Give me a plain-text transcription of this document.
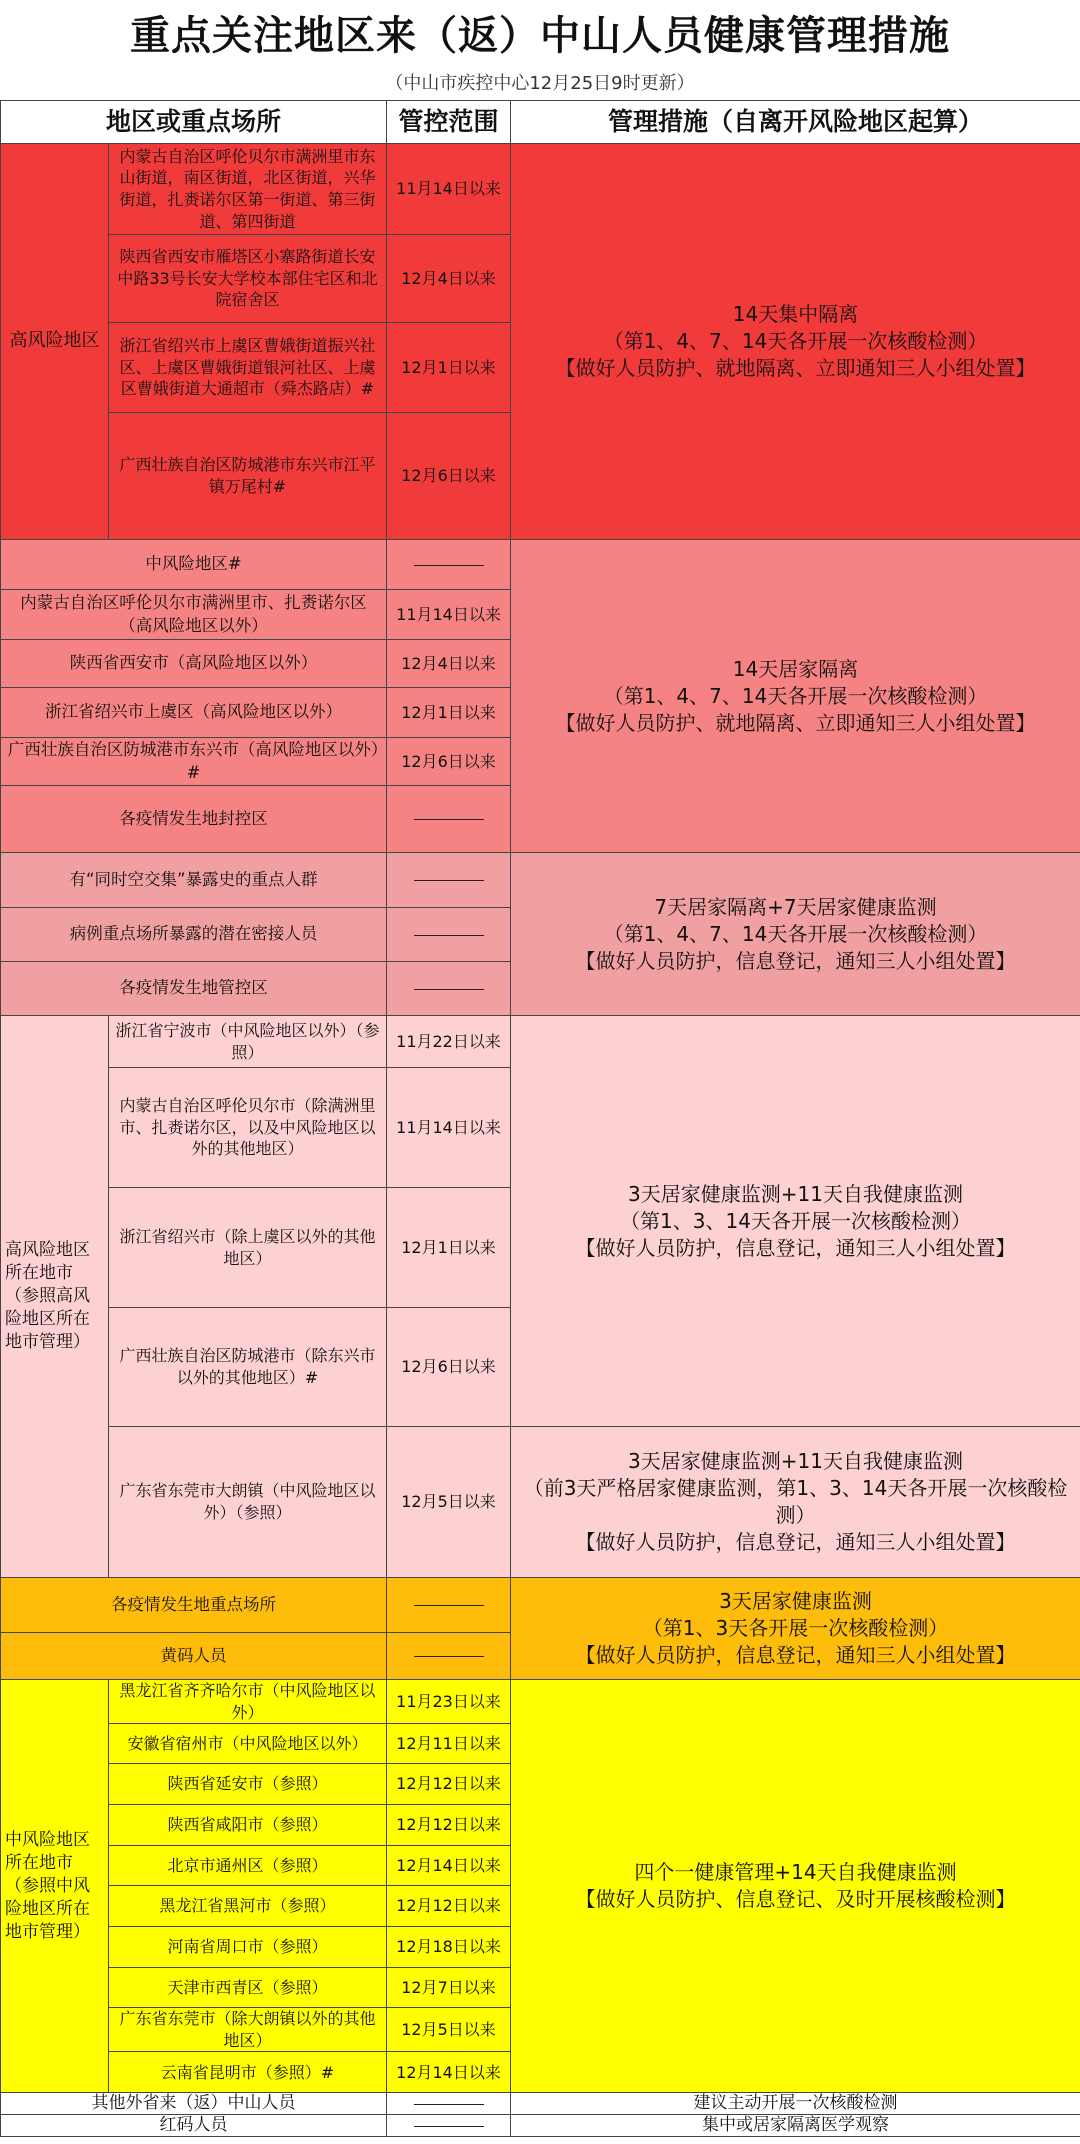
重点关注地区来（返）中山人员健康管理措施
（中山市疾控中心12月25日9时更新）
地区或重点场所		管控范围	管理措施（自离开风险地区起算）
高风险地区	内蒙古自治区呼伦贝尔市满洲里市东山街道，南区街道，北区街道，兴华街道，扎赉诺尔区第一街道、第三街道、第四街道	11月14日以来	14天集中隔离
（第1、4、7、14天各开展一次核酸检测）
【做好人员防护、就地隔离、立即通知三人小组处置】

	陕西省西安市雁塔区小寨路街道长安中路33号长安大学校本部住宅区和北院宿舍区	12月4日以来	
	浙江省绍兴市上虞区曹娥街道振兴社区、上虞区曹娥街道银河社区、上虞区曹娥街道大通超市（舜杰路店）#	12月1日以来	
	广西壮族自治区防城港市东兴市江平镇万尾村#	12月6日以来	
中风险地区#			14天居家隔离
（第1、4、7、14天各开展一次核酸检测）
【做好人员防护、就地隔离、立即通知三人小组处置】

内蒙古自治区呼伦贝尔市满洲里市、扎赉诺尔区（高风险地区以外）		11月14日以来	
陕西省西安市（高风险地区以外）		12月4日以来	
浙江省绍兴市上虞区（高风险地区以外）		12月1日以来	
广西壮族自治区防城港市东兴市（高风险地区以外）#		12月6日以来	
各疫情发生地封控区			
有“同时空交集”暴露史的重点人群			7天居家隔离+7天居家健康监测
（第1、4、7、14天各开展一次核酸检测）
【做好人员防护，信息登记，通知三人小组处置】

病例重点场所暴露的潜在密接人员			
各疫情发生地管控区			
高风险地区所在地市（参照高风险地区所在地市管理）	浙江省宁波市（中风险地区以外）（参照）	11月22日以来	3天居家健康监测+11天自我健康监测
（第1、3、14天各开展一次核酸检测）
【做好人员防护，信息登记，通知三人小组处置】

	内蒙古自治区呼伦贝尔市（除满洲里市、扎赉诺尔区，以及中风险地区以外的其他地区）	11月14日以来	
	浙江省绍兴市（除上虞区以外的其他地区）	12月1日以来	
	广西壮族自治区防城港市（除东兴市以外的其他地区）#	12月6日以来	
	广东省东莞市大朗镇（中风险地区以外）（参照）	12月5日以来	3天居家健康监测+11天自我健康监测
（前3天严格居家健康监测，第1、3、14天各开展一次核酸检测）
【做好人员防护，信息登记，通知三人小组处置】

各疫情发生地重点场所			3天居家健康监测
（第1、3天各开展一次核酸检测）
【做好人员防护，信息登记，通知三人小组处置】

黄码人员			
中风险地区所在地市（参照中风险地区所在地市管理）	黑龙江省齐齐哈尔市（中风险地区以外）	11月23日以来	四个一健康管理+14天自我健康监测
【做好人员防护、信息登记、及时开展核酸检测】

	安徽省宿州市（中风险地区以外）	12月11日以来	
	陕西省延安市（参照）	12月12日以来	
	陕西省咸阳市（参照）	12月12日以来	
	北京市通州区（参照）	12月14日以来	
	黑龙江省黑河市（参照）	12月12日以来	
	河南省周口市（参照）	12月18日以来	
	天津市西青区（参照）	12月7日以来	
	广东省东莞市（除大朗镇以外的其他地区）	12月5日以来	
	云南省昆明市（参照）#	12月14日以来	
其他外省来（返）中山人员			建议主动开展一次核酸检测
红码人员			集中或居家隔离医学观察
